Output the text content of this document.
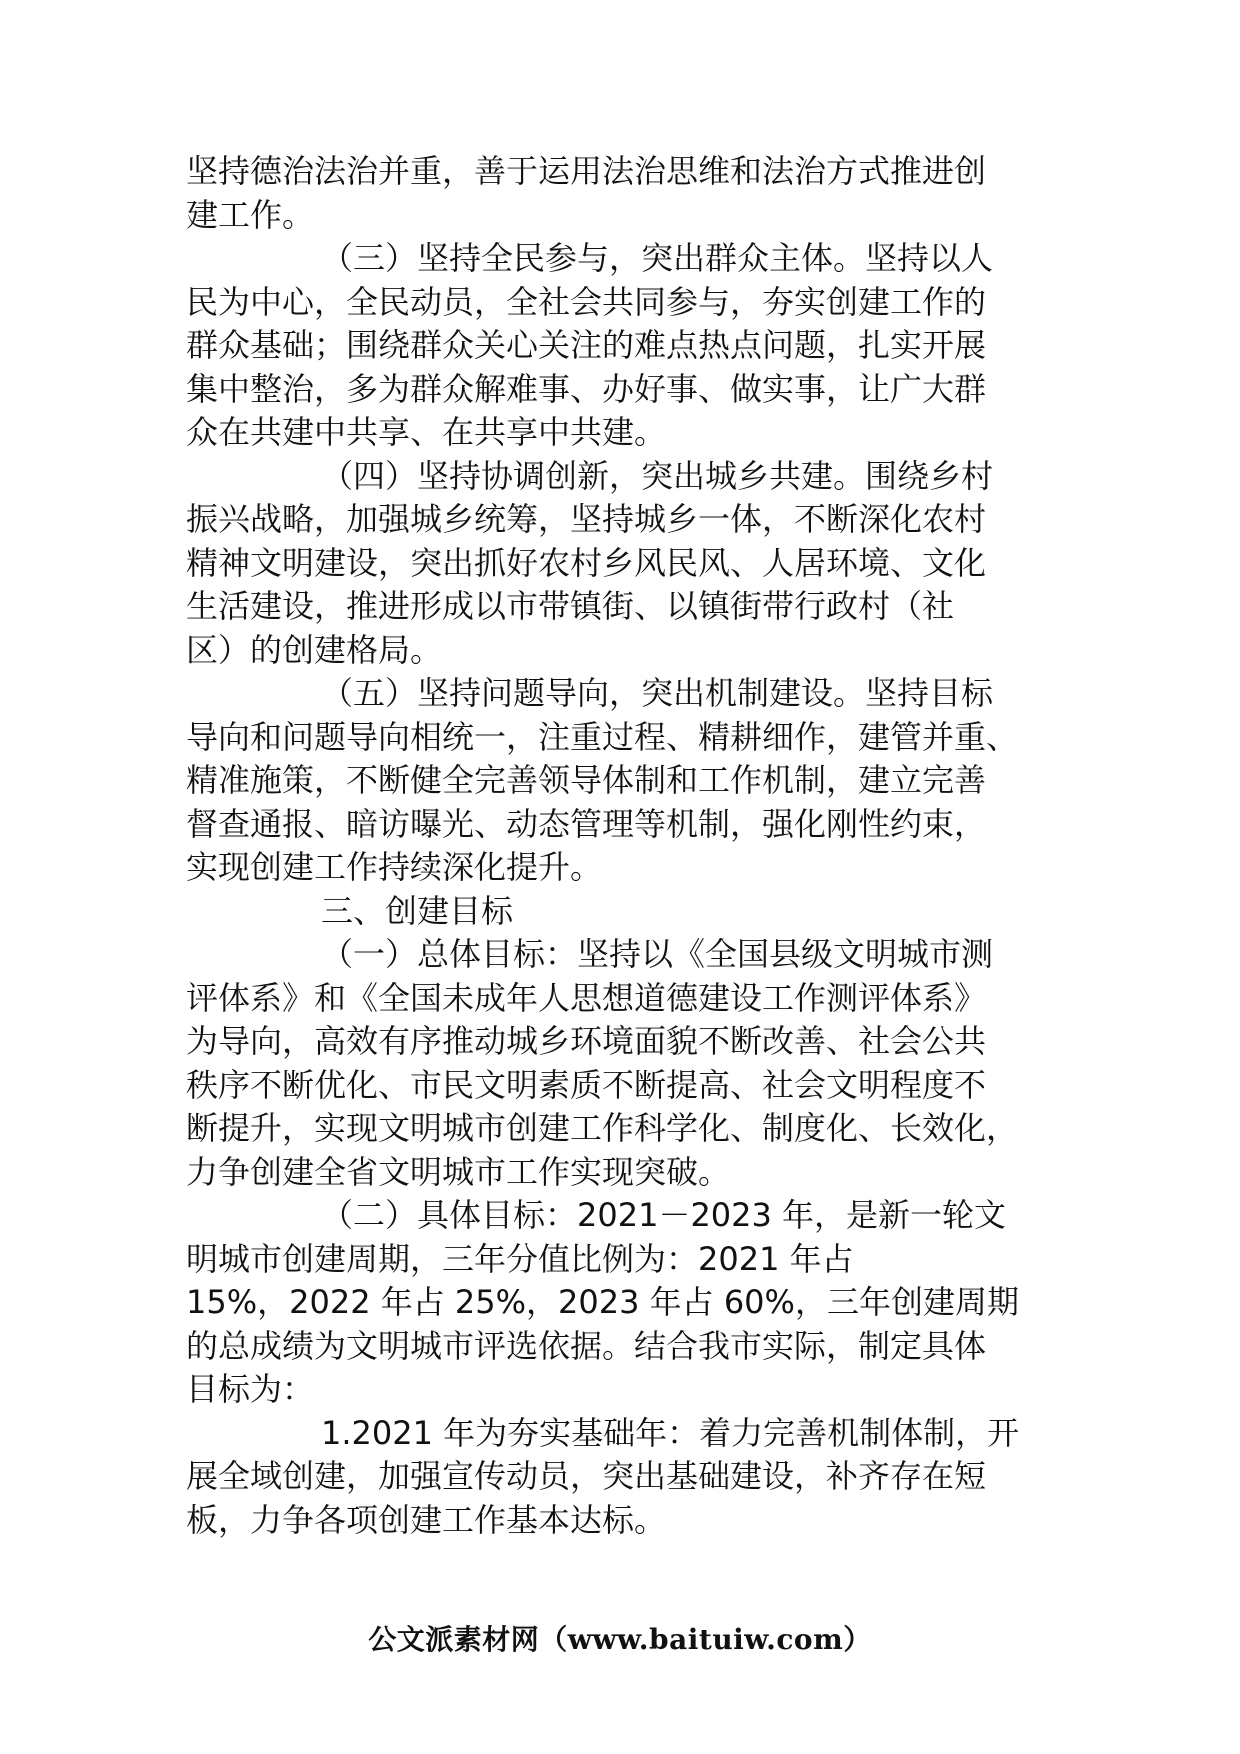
坚持德治法治并重，善于运用法治思维和法治方式推进创
建工作。
（三）坚持全民参与，突出群众主体。坚持以人
民为中心，全民动员，全社会共同参与，夯实创建工作的
群众基础；围绕群众关心关注的难点热点问题，扎实开展
集中整治，多为群众解难事、办好事、做实事，让广大群
众在共建中共享、在共享中共建。
（四）坚持协调创新，突出城乡共建。围绕乡村
振兴战略，加强城乡统筹，坚持城乡一体，不断深化农村
精神文明建设，突出抓好农村乡风民风、人居环境、文化
生活建设，推进形成以市带镇街、以镇街带行政村（社
区）的创建格局。
（五）坚持问题导向，突出机制建设。坚持目标
导向和问题导向相统一，注重过程、精耕细作，建管并重、
精准施策，不断健全完善领导体制和工作机制，建立完善
督查通报、暗访曝光、动态管理等机制，强化刚性约束，
实现创建工作持续深化提升。
三、创建目标
（一）总体目标：坚持以《全国县级文明城市测
评体系》和《全国未成年人思想道德建设工作测评体系》
为导向，高效有序推动城乡环境面貌不断改善、社会公共
秩序不断优化、市民文明素质不断提高、社会文明程度不
断提升，实现文明城市创建工作科学化、制度化、长效化，
力争创建全省文明城市工作实现突破。
（二）具体目标：2021－2023 年，是新一轮文
明城市创建周期，三年分值比例为：2021 年占
15%，2022 年占 25%，2023 年占 60%，三年创建周期
的总成绩为文明城市评选依据。结合我市实际，制定具体
目标为：
1.2021 年为夯实基础年：着力完善机制体制，开
展全域创建，加强宣传动员，突出基础建设，补齐存在短
板，力争各项创建工作基本达标。
公文派素材网（www.baituiw.com）
